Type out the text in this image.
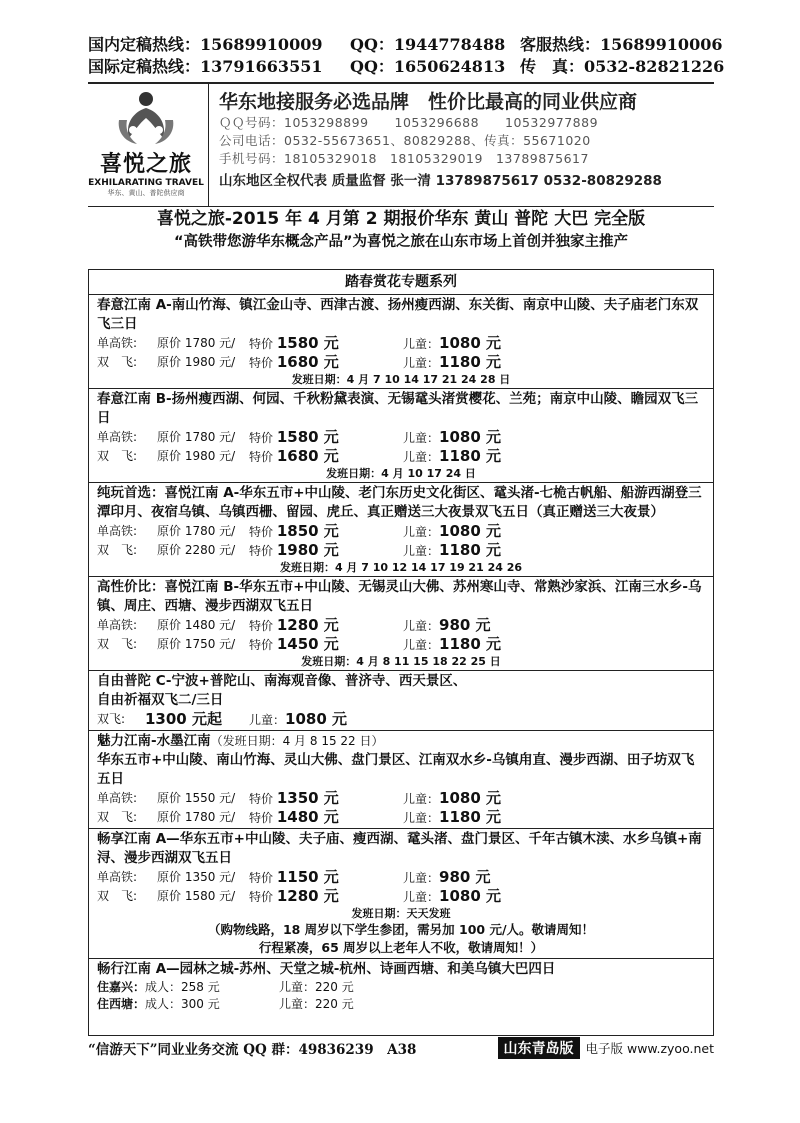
国内定稿热线：15689910009	QQ：1944778488 客服热线：15689910006
国际定稿热线：13791663551	QQ：1650624813 传　真：0532-82821226
喜悦之旅
EXHILARATING TRAVEL
华东、黄山、普陀供应商
华东地接服务必选品牌　性价比最高的同业供应商
ＱＱ号码：1053298899　　1053296688　　10532977889
公司电话：0532-55673651、80829288、传真：55671020
手机号码：18105329018　18105329019　13789875617
山东地区全权代表 质量监督 张一清 13789875617 0532-80829288
喜悦之旅-2015 年 4 月第 2 期报价华东 黄山 普陀 大巴 完全版
“高铁带您游华东概念产品”为喜悦之旅在山东市场上首创并独家主推产
踏春赏花专题系列
春意江南 A-南山竹海、镇江金山寺、西津古渡、扬州瘦西湖、东关街、南京中山陵、夫子庙老门东双飞三日
单高铁:	原价 1780 元/	特价 1580 元	儿童：1080 元
双　飞:	原价 1980 元/	特价 1680 元	儿童：1180 元
发班日期：4 月 7 10 14 17 21 24 28 日
春意江南 B-扬州瘦西湖、何园、千秋粉黛表演、无锡鼋头渚赏樱花、兰苑；南京中山陵、瞻园双飞三日
单高铁:	原价 1780 元/	特价 1580 元	儿童：1080 元
双　飞:	原价 1980 元/	特价 1680 元	儿童：1180 元
发班日期：4 月 10 17 24 日
纯玩首选：喜悦江南 A-华东五市+中山陵、老门东历史文化街区、鼋头渚-七桅古帆船、船游西湖登三潭印月、夜宿乌镇、乌镇西栅、留园、虎丘、真正赠送三大夜景双飞五日（真正赠送三大夜景）
单高铁:	原价 1780 元/	特价 1850 元	儿童：1080 元
双　飞:	原价 2280 元/	特价 1980 元	儿童：1180 元
发班日期：4 月 7 10 12 14 17 19 21 24 26
高性价比：喜悦江南 B-华东五市+中山陵、无锡灵山大佛、苏州寒山寺、常熟沙家浜、江南三水乡-乌镇、周庄、西塘、漫步西湖双飞五日
单高铁:	原价 1480 元/	特价 1280 元	儿童：980 元
双　飞:	原价 1750 元/	特价 1450 元	儿童：1180 元
发班日期：4 月 8 11 15 18 22 25 日
自由普陀 C-宁波+普陀山、南海观音像、普济寺、西天景区、
自由祈福双飞二/三日
双飞:	1300 元起	儿童：1080 元
魅力江南-水墨江南（发班日期：4 月 8 15 22 日）
华东五市+中山陵、南山竹海、灵山大佛、盘门景区、江南双水乡-乌镇甪直、漫步西湖、田子坊双飞五日
单高铁:	原价 1550 元/	特价 1350 元	儿童：1080 元
双　飞:	原价 1780 元/	特价 1480 元	儿童：1180 元
畅享江南 A—华东五市+中山陵、夫子庙、瘦西湖、鼋头渚、盘门景区、千年古镇木渎、水乡乌镇+南浔、漫步西湖双飞五日
单高铁:	原价 1350 元/	特价 1150 元	儿童：980 元
双　飞:	原价 1580 元/	特价 1280 元	儿童：1080 元
发班日期：天天发班
（购物线路，18 周岁以下学生参团，需另加 100 元/人。敬请周知！
行程紧凑，65 周岁以上老年人不收，敬请周知！）
畅行江南 A—园林之城-苏州、天堂之城-杭州、诗画西塘、和美乌镇大巴四日
住嘉兴：成人：258 元	儿童：220 元
住西塘：成人：300 元	儿童：220 元
“信游天下”同业业务交流 QQ 群：49836239　A38	山东青岛版 电子版 www.zyoo.net
